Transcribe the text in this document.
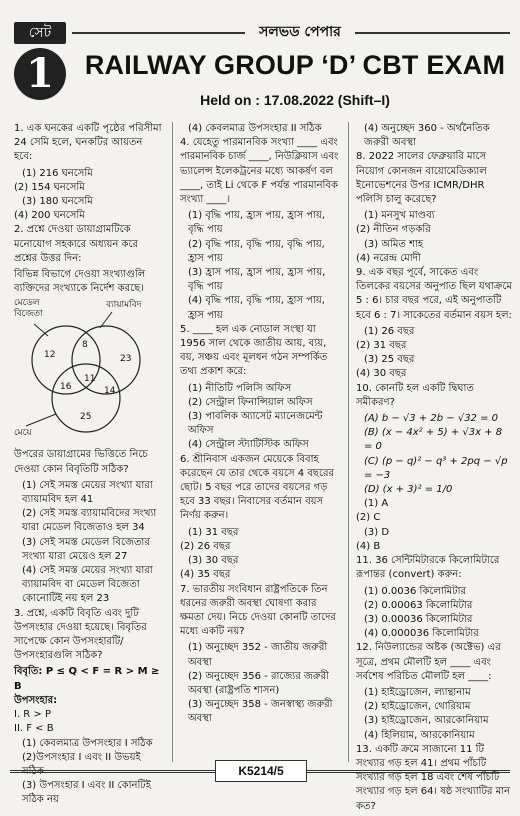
সেট
1
সলভড পেপার
RAILWAY GROUP ‘D’ CBT EXAM
Held on : 17.08.2022 (Shift–I)
1. এক ঘনকের একটি পৃষ্ঠের পরিসীমা 24 সেমি হলে, ঘনকটির আয়তন হবে:
(1) 216 ঘনসেমি
(2) 154 ঘনসেমি
(3) 180 ঘনসেমি
(4) 200 ঘনসেমি
2. প্রশ্নে দেওয়া ডায়াগ্রামটিকে মনোযোগ সহকারে অধ্যয়ন করে প্রশ্নের উত্তর দিন:
বিভিন্ন বিভাগে দেওয়া সংখ্যাগুলি ব্যক্তিদের সংখ্যাকে নির্দেশ করছে।
মেডেল
বিজেতা
ব্যায়ামবিদ
মেয়ে
12
8
23
16
11
14
25
উপরের ডায়াগ্রামের ভিত্তিতে নিচে দেওয়া কোন বিবৃতিটি সঠিক?
(1) সেই সমস্ত মেয়ের সংখ্যা যারা ব্যায়ামবিদ হল 41
(2) সেই সমস্ত ব্যায়ামবিদের সংখ্যা যারা মেডেল বিজেতাও হল 34
(3) সেই সমস্ত মেডেল বিজেতার সংখ্যা যারা মেয়েও হল 27
(4) সেই সমস্ত মেয়ের সংখ্যা যারা ব্যায়ামবিদ বা মেডেল বিজেতা কোনোটিই নয় হল 23
3. প্রশ্নে, একটি বিবৃতি এবং দুটি উপসংহার দেওয়া হয়েছে। বিবৃতির সাপেক্ষে কোন উপসংহারটি/উপসংহারগুলি সঠিক?
বিবৃতি: P ≤ Q < F = R > M ≥ B
উপসংহার:
I. R > P
II. F < B
(1) কেবলমাত্র উপসংহার I সঠিক
(2)উপসংহার I এবং II উভয়ই সঠিক
(3) উপসংহার I এবং II কোনটিই সঠিক নয়
(4) কেবলমাত্র উপসংহার II সঠিক
4. যেহেতু পারমানবিক সংখ্যা ____ এবং পারমানবিক চার্জ ____, নিউক্লিয়াস এবং ভ্যালেন্স ইলেকট্রনের মধ্যে আকর্ষণ বল ____, তাই Li থেকে F পর্যন্ত পারমানবিক সংখ্যা ____।
(1) বৃদ্ধি পায়, হ্রাস পায়, হ্রাস পায়, বৃদ্ধি পায়
(2) বৃদ্ধি পায়, বৃদ্ধি পায়, বৃদ্ধি পায়, হ্রাস পায়
(3) হ্রাস পায়, হ্রাস পায়, হ্রাস পায়, বৃদ্ধি পায়
(4) বৃদ্ধি পায়, বৃদ্ধি পায়, হ্রাস পায়, হ্রাস পায়
5. ____ হল এক নোডাল সংস্থা যা 1956 সাল থেকে জাতীয় আয়, ব্যয়, বয়, সঞ্চয় এবং মূলধন গঠন সম্পর্কিত তথ্য প্রকাশ করে:
(1) নীতিটি পলিসি অফিস
(2) সেন্ট্রাল ফিনান্সিয়াল অফিস
(3) পাবলিক অ্যাসেট ম্যানেজমেন্ট অফিস
(4) সেন্ট্রাল স্ট্যাটিস্টিক অফিস
6. শ্রীনিবাস একজন মেয়েকে বিবাহ করেছেন যে তার থেকে বয়সে 4 বছরের ছোট। 5 বছর পরে তাদের বয়সের গড় হবে 33 বছর। নিবাসের বর্তমান বয়স নির্ণয় করুন।
(1) 31 বছর
(2) 26 বছর
(3) 30 বছর
(4) 35 বছর
7. ভারতীয় সংবিধান রাষ্ট্রপতিকে তিন ধরনের জরুরী অবস্থা ঘোষণা করার ক্ষমতা দেয়। নিচে দেওয়া কোনটি তাদের মধ্যে একটি নয়?
(1) অনুচ্ছেদ 352 - জাতীয় জরুরী অবস্থা
(2) অনুচ্ছেদ 356 - রাজ্যের জরুরী অবস্থা (রাষ্ট্রপতি শাসন)
(3) অনুচ্ছেদ 358 - জনস্বাস্থ্য জরুরী অবস্থা
(4) অনুচ্ছেদ 360 - অর্থনৈতিক জরুরী অবস্থা
8. 2022 সালের ফেব্রুয়ারি মাসে নিয়োগ কোনজন বায়োমেডিক্যাল ইনোভেশনের উপর ICMR/DHR পলিসি চালু করেছে?
(1) মনসুখ মাণ্ডব্য
(2) নীতিন গড়করি
(3) অমিত শাহ
(4) নরেন্দ্র মোদী
9. এক বছর পূর্বে, সাকেত এবং তিলকের বয়সের অনুপাত ছিল যথাক্রমে 5 : 6। চার বছর পরে, এই অনুপাতটি হবে 6 : 7। সাকেতের বর্তমান বয়স হল:
(1) 26 বছর
(2) 31 বছর
(3) 25 বছর
(4) 30 বছর
10. কোনটি হল একটি দ্বিঘাত সমীকরণ?
(A) b − √3 + 2b − √32 = 0
(B) (x − 4x² + 5) + √3x + 8 = 0
(C) (p − q)² − q³ + 2pq − √p = −3
(D) (x + 3)² = 1/0
(1) A
(2) C
(3) D
(4) B
11. 36 সেন্টিমিটারকে কিলোমিটারে রূপান্তর (convert) করুন:
(1) 0.0036 কিলোমিটার
(2) 0.00063 কিলোমিটার
(3) 0.00036 কিলোমিটার
(4) 0.000036 কিলোমিটার
12. নিউল্যান্ডের অষ্টক (অক্টেভ) এর সূত্রে, প্রথম মৌলটি হল ____ এবং সর্বশেষ পরিচিত মৌলটি হল ____:
(1) হাইড্রোজেন, ল্যান্থানাম
(2) হাইড্রোজেন, থোরিয়াম
(3) হাইড্রোজেন, আরকোনিয়াম
(4) হিলিয়াম, আরকোনিয়াম
13. একটি ক্রমে সাজানো 11 টি সংখ্যার গড় হল 41। প্রথম পাঁচটি সংখ্যার গড় হল 18 এবং শেষ পাঁচটি সংখ্যার গড় হল 64। ষষ্ঠ সংখ্যাটির মান কত?
K5214/5
